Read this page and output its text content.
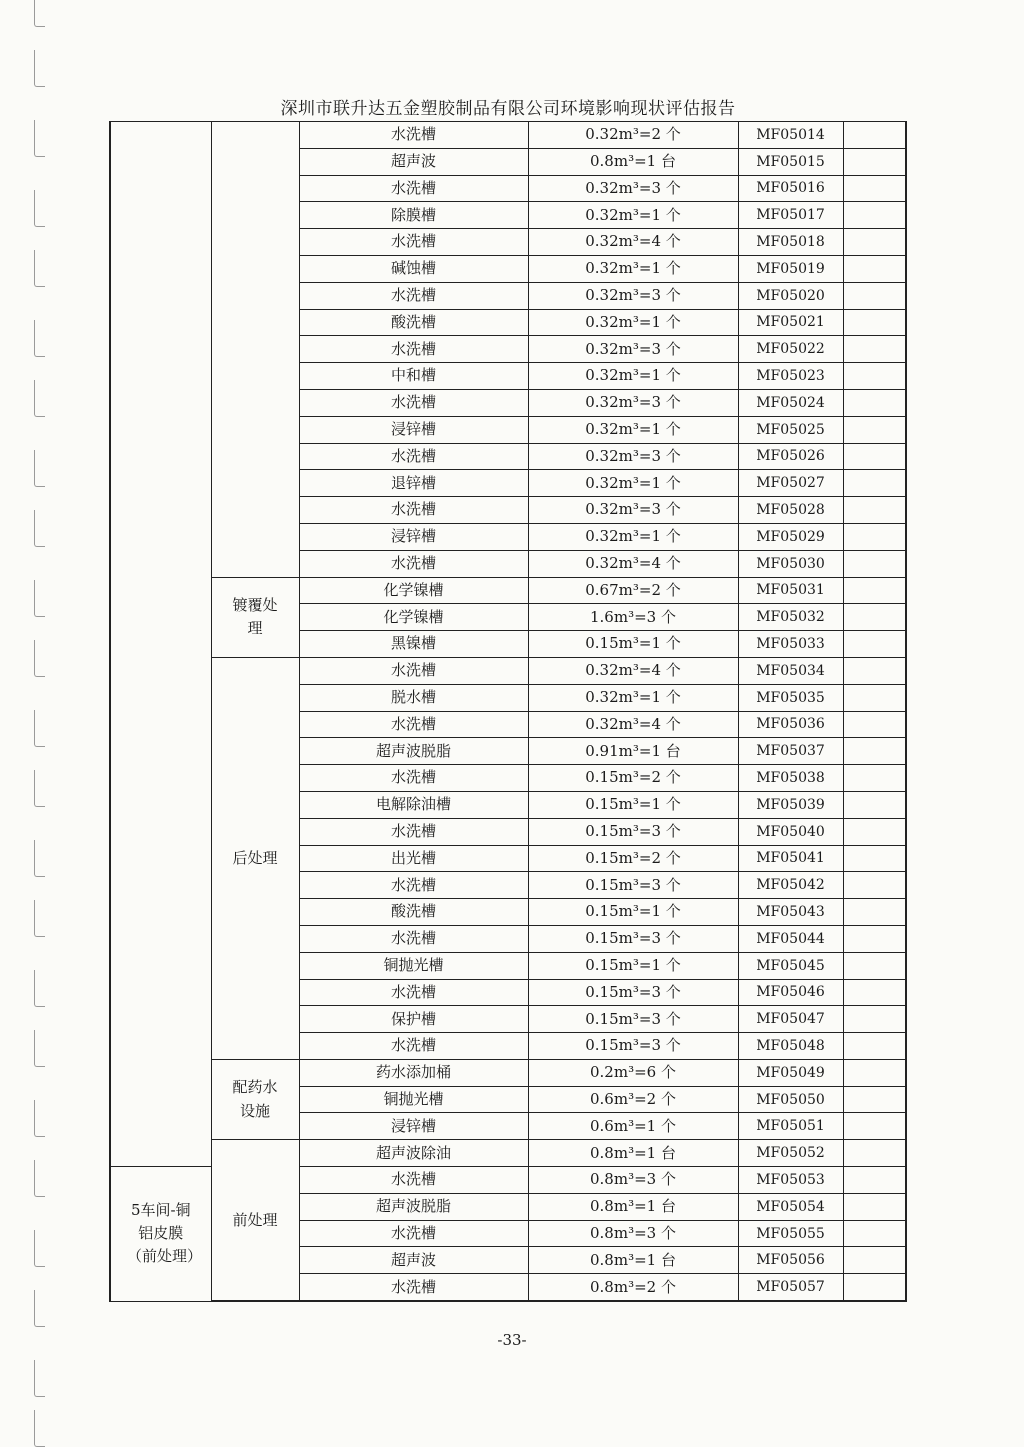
深圳市联升达五金塑胶制品有限公司环境影响现状评估报告
		水洗槽	0.32m³=2 个	MF05014	
		超声波	0.8m³=1 台	MF05015	
		水洗槽	0.32m³=3 个	MF05016	
		除膜槽	0.32m³=1 个	MF05017	
		水洗槽	0.32m³=4 个	MF05018	
		碱蚀槽	0.32m³=1 个	MF05019	
		水洗槽	0.32m³=3 个	MF05020	
		酸洗槽	0.32m³=1 个	MF05021	
		水洗槽	0.32m³=3 个	MF05022	
		中和槽	0.32m³=1 个	MF05023	
		水洗槽	0.32m³=3 个	MF05024	
		浸锌槽	0.32m³=1 个	MF05025	
		水洗槽	0.32m³=3 个	MF05026	
		退锌槽	0.32m³=1 个	MF05027	
		水洗槽	0.32m³=3 个	MF05028	
		浸锌槽	0.32m³=1 个	MF05029	
		水洗槽	0.32m³=4 个	MF05030	
	镀覆处理	化学镍槽	0.67m³=2 个	MF05031	
		化学镍槽	1.6m³=3 个	MF05032	
		黑镍槽	0.15m³=1 个	MF05033	
	后处理	水洗槽	0.32m³=4 个	MF05034	
		脱水槽	0.32m³=1 个	MF05035	
		水洗槽	0.32m³=4 个	MF05036	
		超声波脱脂	0.91m³=1 台	MF05037	
		水洗槽	0.15m³=2 个	MF05038	
		电解除油槽	0.15m³=1 个	MF05039	
		水洗槽	0.15m³=3 个	MF05040	
		出光槽	0.15m³=2 个	MF05041	
		水洗槽	0.15m³=3 个	MF05042	
		酸洗槽	0.15m³=1 个	MF05043	
		水洗槽	0.15m³=3 个	MF05044	
		铜抛光槽	0.15m³=1 个	MF05045	
		水洗槽	0.15m³=3 个	MF05046	
		保护槽	0.15m³=3 个	MF05047	
		水洗槽	0.15m³=3 个	MF05048	
	配药水设施	药水添加桶	0.2m³=6 个	MF05049	
		铜抛光槽	0.6m³=2 个	MF05050	
		浸锌槽	0.6m³=1 个	MF05051	
	前处理	超声波除油	0.8m³=1 台	MF05052	
5车间-铜铝皮膜（前处理）		水洗槽	0.8m³=3 个	MF05053	
		超声波脱脂	0.8m³=1 台	MF05054	
		水洗槽	0.8m³=3 个	MF05055	
		超声波	0.8m³=1 台	MF05056	
		水洗槽	0.8m³=2 个	MF05057	
-33-
